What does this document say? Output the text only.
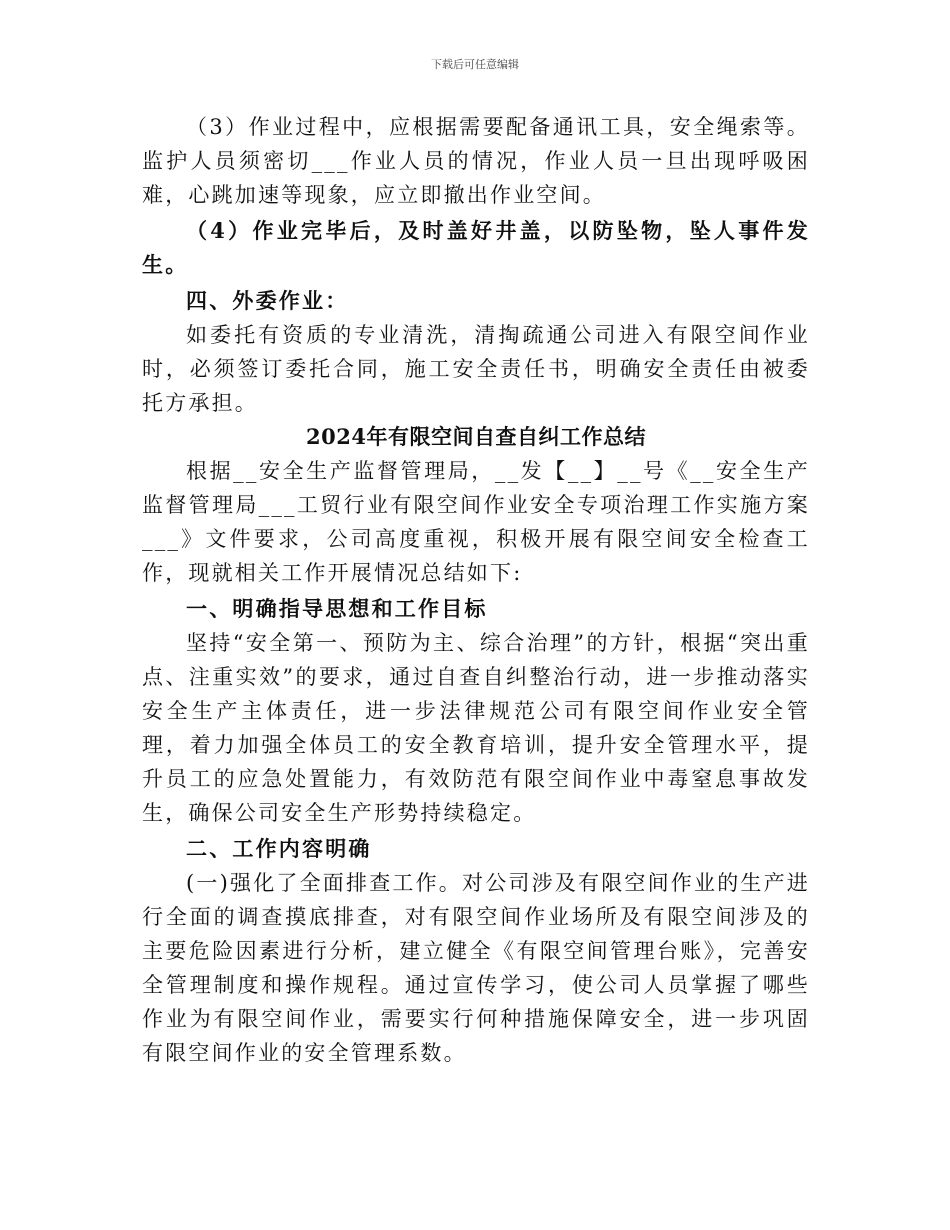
下载后可任意编辑

（3）作业过程中，应根据需要配备通讯工具，安全绳索等。监护人员须密切___作业人员的情况，作业人员一旦出现呼吸困难，心跳加速等现象，应立即撤出作业空间。

（4）作业完毕后，及时盖好井盖，以防坠物，坠人事件发生。

四、外委作业：

如委托有资质的专业清洗，清掏疏通公司进入有限空间作业时，必须签订委托合同，施工安全责任书，明确安全责任由被委托方承担。

2024年有限空间自查自纠工作总结

根据__安全生产监督管理局，__发【__】__号《__安全生产监督管理局___工贸行业有限空间作业安全专项治理工作实施方案___》文件要求，公司高度重视，积极开展有限空间安全检查工作，现就相关工作开展情况总结如下:

一、明确指导思想和工作目标

坚持“安全第一、预防为主、综合治理”的方针，根据“突出重点、注重实效”的要求，通过自查自纠整治行动，进一步推动落实安全生产主体责任，进一步法律规范公司有限空间作业安全管理，着力加强全体员工的安全教育培训，提升安全管理水平，提升员工的应急处置能力，有效防范有限空间作业中毒窒息事故发生，确保公司安全生产形势持续稳定。

二、工作内容明确

(一)强化了全面排查工作。对公司涉及有限空间作业的生产进行全面的调查摸底排查，对有限空间作业场所及有限空间涉及的主要危险因素进行分析，建立健全《有限空间管理台账》，完善安全管理制度和操作规程。通过宣传学习，使公司人员掌握了哪些作业为有限空间作业，需要实行何种措施保障安全，进一步巩固有限空间作业的安全管理系数。
